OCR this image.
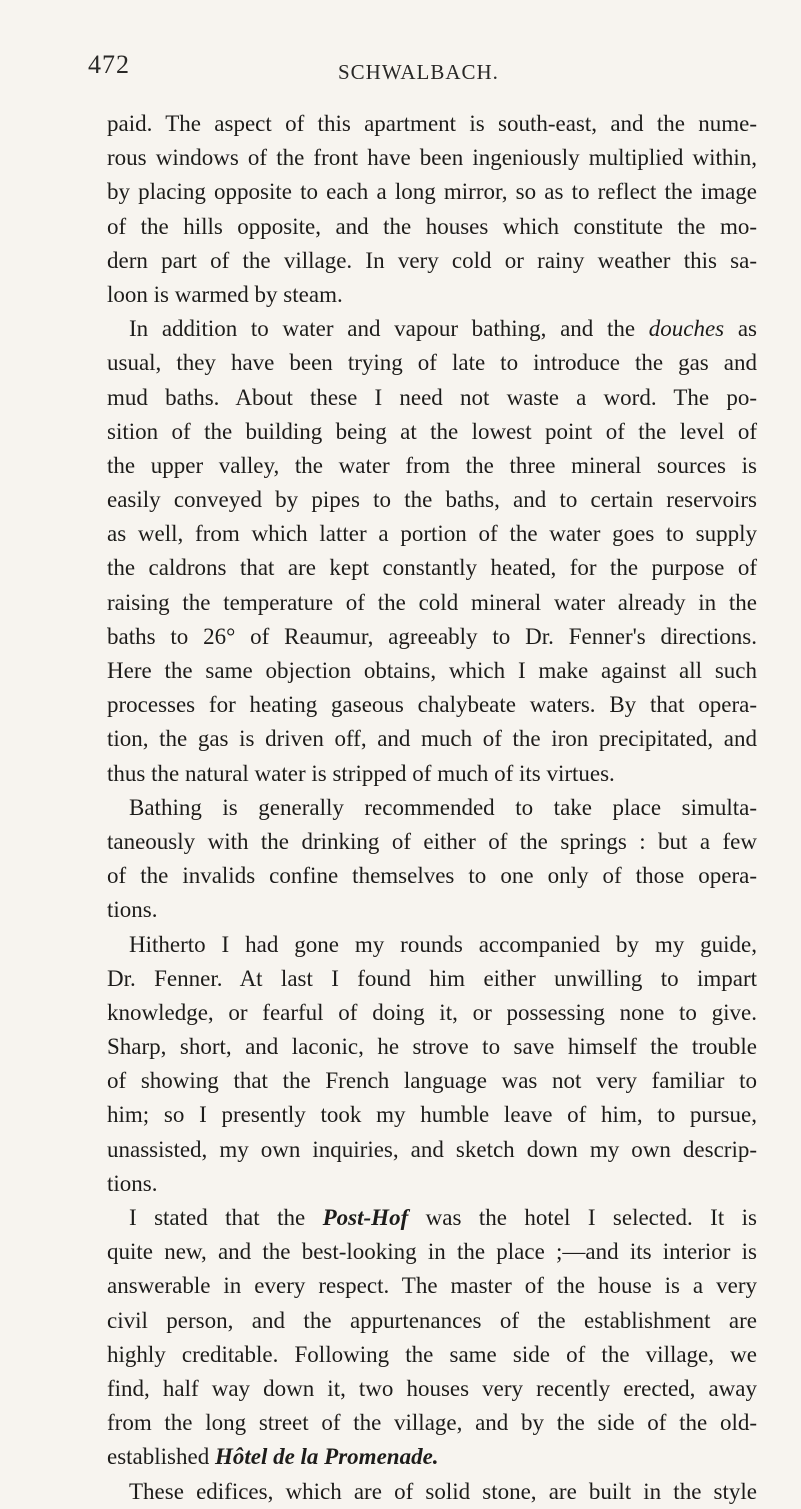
472	SCHWALBACH.
paid. The aspect of this apartment is south-east, and the nume-
rous windows of the front have been ingeniously multiplied within,
by placing opposite to each a long mirror, so as to reflect the image
of the hills opposite, and the houses which constitute the mo-
dern part of the village. In very cold or rainy weather this sa-
loon is warmed by steam.
In addition to water and vapour bathing, and the douches as
usual, they have been trying of late to introduce the gas and
mud baths. About these I need not waste a word. The po-
sition of the building being at the lowest point of the level of
the upper valley, the water from the three mineral sources is
easily conveyed by pipes to the baths, and to certain reservoirs
as well, from which latter a portion of the water goes to supply
the caldrons that are kept constantly heated, for the purpose of
raising the temperature of the cold mineral water already in the
baths to 26° of Reaumur, agreeably to Dr. Fenner's directions.
Here the same objection obtains, which I make against all such
processes for heating gaseous chalybeate waters. By that opera-
tion, the gas is driven off, and much of the iron precipitated, and
thus the natural water is stripped of much of its virtues.
Bathing is generally recommended to take place simulta-
taneously with the drinking of either of the springs : but a few
of the invalids confine themselves to one only of those opera-
tions.
Hitherto I had gone my rounds accompanied by my guide,
Dr. Fenner. At last I found him either unwilling to impart
knowledge, or fearful of doing it, or possessing none to give.
Sharp, short, and laconic, he strove to save himself the trouble
of showing that the French language was not very familiar to
him; so I presently took my humble leave of him, to pursue,
unassisted, my own inquiries, and sketch down my own descrip-
tions.
I stated that the Post-Hof was the hotel I selected. It is
quite new, and the best-looking in the place ;—and its interior is
answerable in every respect. The master of the house is a very
civil person, and the appurtenances of the establishment are
highly creditable. Following the same side of the village, we
find, half way down it, two houses very recently erected, away
from the long street of the village, and by the side of the old-
established Hôtel de la Promenade.
These edifices, which are of solid stone, are built in the style
